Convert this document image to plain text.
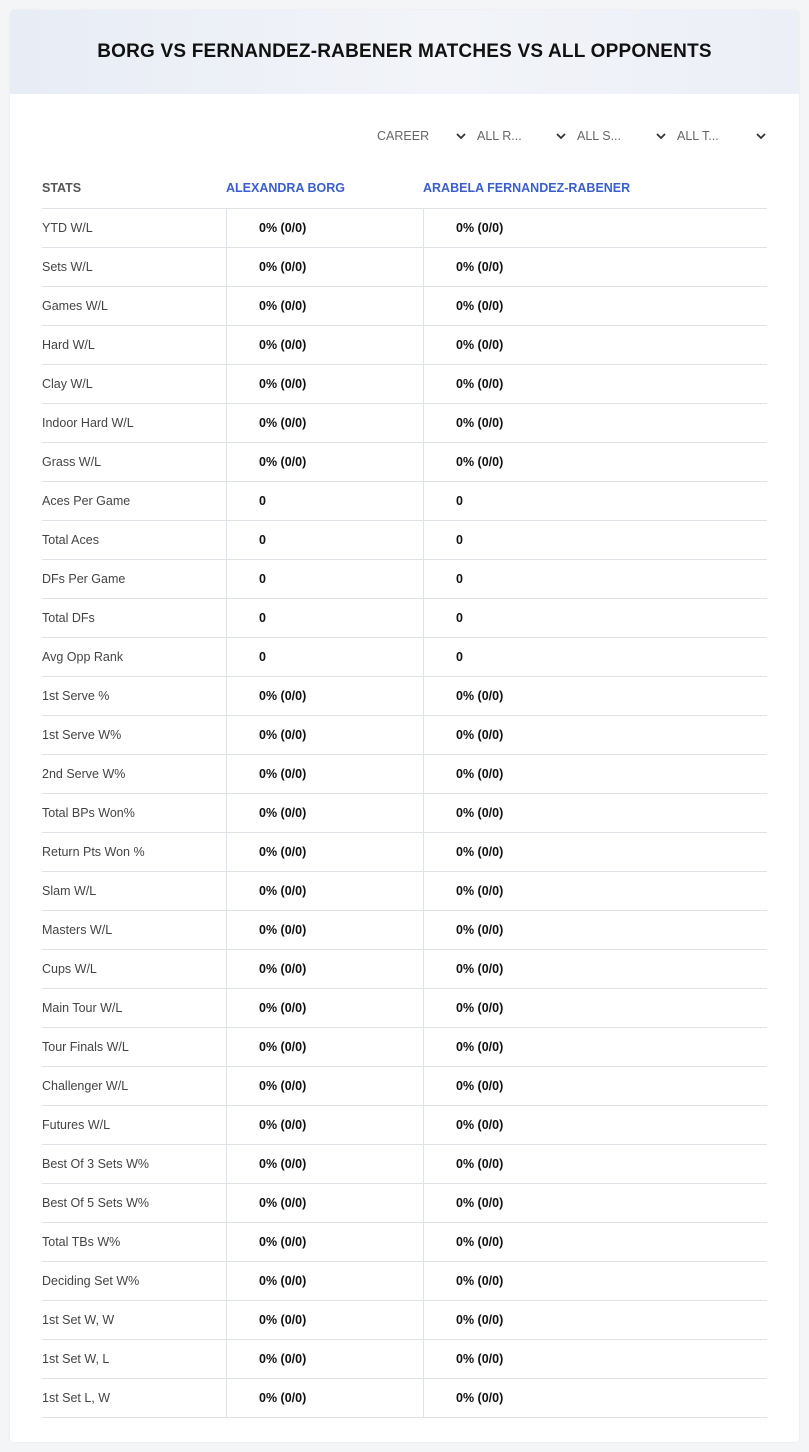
BORG VS FERNANDEZ-RABENER MATCHES VS ALL OPPONENTS
CAREER	ALL R...	ALL S...	ALL T...
STATS	ALEXANDRA BORG	ARABELA FERNANDEZ-RABENER
YTD W/L	0% (0/0)	0% (0/0)
Sets W/L	0% (0/0)	0% (0/0)
Games W/L	0% (0/0)	0% (0/0)
Hard W/L	0% (0/0)	0% (0/0)
Clay W/L	0% (0/0)	0% (0/0)
Indoor Hard W/L	0% (0/0)	0% (0/0)
Grass W/L	0% (0/0)	0% (0/0)
Aces Per Game	0	0
Total Aces	0	0
DFs Per Game	0	0
Total DFs	0	0
Avg Opp Rank	0	0
1st Serve %	0% (0/0)	0% (0/0)
1st Serve W%	0% (0/0)	0% (0/0)
2nd Serve W%	0% (0/0)	0% (0/0)
Total BPs Won%	0% (0/0)	0% (0/0)
Return Pts Won %	0% (0/0)	0% (0/0)
Slam W/L	0% (0/0)	0% (0/0)
Masters W/L	0% (0/0)	0% (0/0)
Cups W/L	0% (0/0)	0% (0/0)
Main Tour W/L	0% (0/0)	0% (0/0)
Tour Finals W/L	0% (0/0)	0% (0/0)
Challenger W/L	0% (0/0)	0% (0/0)
Futures W/L	0% (0/0)	0% (0/0)
Best Of 3 Sets W%	0% (0/0)	0% (0/0)
Best Of 5 Sets W%	0% (0/0)	0% (0/0)
Total TBs W%	0% (0/0)	0% (0/0)
Deciding Set W%	0% (0/0)	0% (0/0)
1st Set W, W	0% (0/0)	0% (0/0)
1st Set W, L	0% (0/0)	0% (0/0)
1st Set L, W	0% (0/0)	0% (0/0)
